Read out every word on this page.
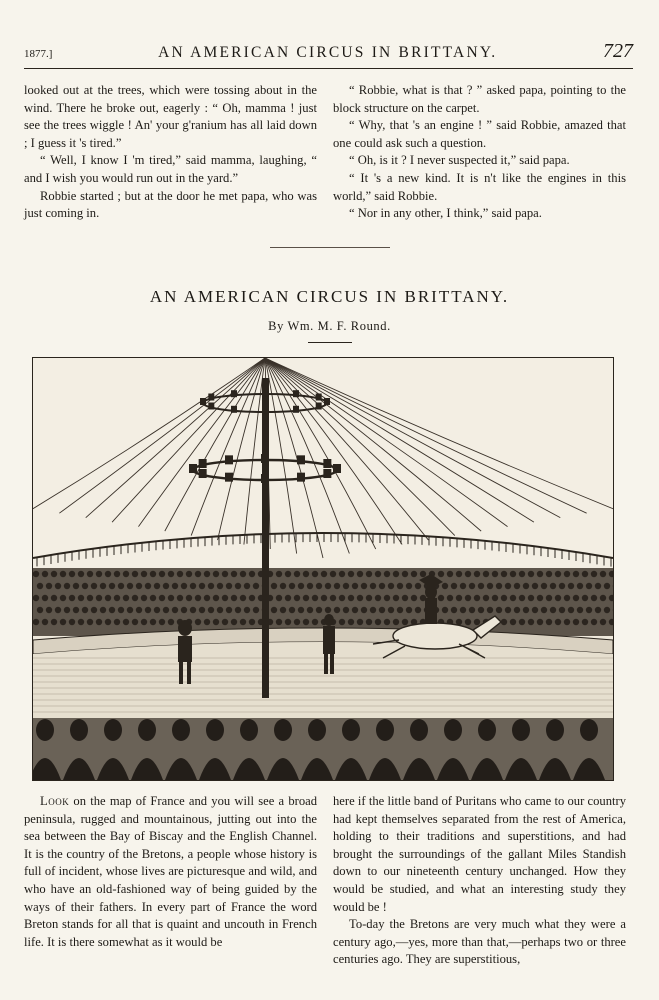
1877.]	AN AMERICAN CIRCUS IN BRITTANY.	727

looked out at the trees, which were tossing about in the wind. There he broke out, eagerly : “ Oh, mamma ! just see the trees wiggle ! An' your g'ranium has all laid down ; I guess it 's tired.”

“ Well, I know I 'm tired,” said mamma, laughing, “ and I wish you would run out in the yard.”

Robbie started ; but at the door he met papa, who was just coming in.

“ Robbie, what is that ? ” asked papa, pointing to the block structure on the carpet.

“ Why, that 's an engine ! ” said Robbie, amazed that one could ask such a question.

“ Oh, is it ? I never suspected it,” said papa.

“ It 's a new kind. It is n't like the engines in this world,” said Robbie.

“ Nor in any other, I think,” said papa.

AN AMERICAN CIRCUS IN BRITTANY.
By Wm. M. F. Round.

Look on the map of France and you will see a broad peninsula, rugged and mountainous, jutting out into the sea between the Bay of Biscay and the English Channel. It is the country of the Bretons, a people whose history is full of incident, whose lives are picturesque and wild, and who have an old-fashioned way of being guided by the ways of their fathers. In every part of France the word Breton stands for all that is quaint and uncouth in French life. It is there somewhat as it would be

here if the little band of Puritans who came to our country had kept themselves separated from the rest of America, holding to their traditions and superstitions, and had brought the surroundings of the gallant Miles Standish down to our nineteenth century unchanged. How they would be studied, and what an interesting study they would be !

To-day the Bretons are very much what they were a century ago,—yes, more than that,—perhaps two or three centuries ago. They are superstitious,
